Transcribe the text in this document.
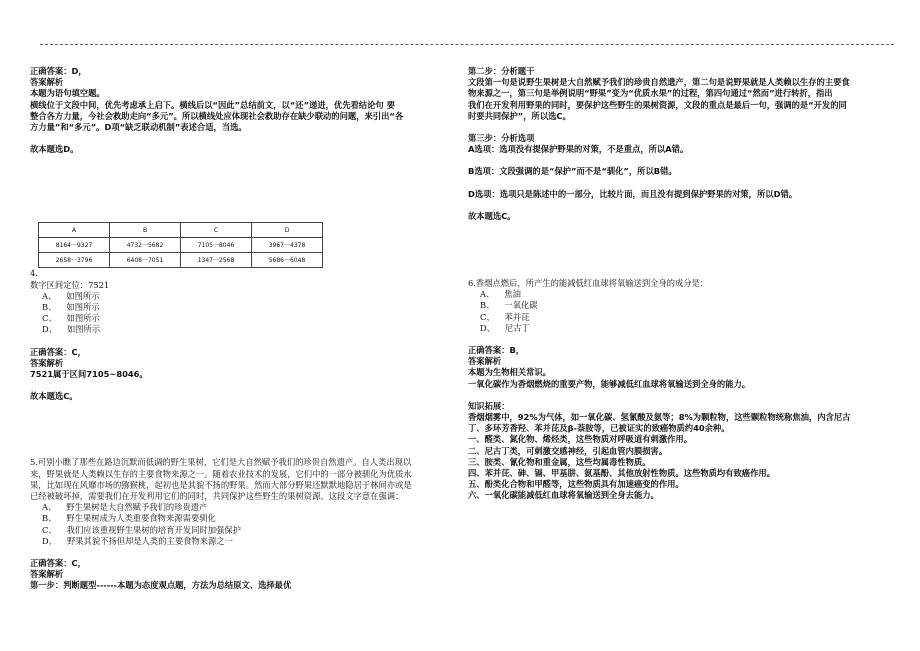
正确答案：D，
答案解析
本题为语句填空题。
横线位于文段中间，优先考虑承上启下。横线后以“因此”总结前文，以“还”递进，优先看结论句 要
整合各方力量，今社会救助走向“多元”。所以横线处应体现社会救助存在缺少联动的问题，来引出“各
方力量”和“多元”。D项“缺乏联动机制”表述合适，当选。
故本题选D。
A	B	C	D
8164一9327	4732一5682	7105一8046	3967一4378
2658一3796	6408一7051	1347一2568	5686一6048
4.
数字区间定位：7521
A、 如图所示
B、 如图所示
C、 如图所示
D、 如图所示
正确答案：C，
答案解析
7521属于区间7105~8046。
故本题选C。
5.可别小瞧了那些在路边沉默而低调的野生果树，它们是大自然赋予我们的珍贵自然遗产。自人类出现以
来，野果就是人类赖以生存的主要食物来源之一。随着农业技术的发展，它们中的一部分被驯化为优质水
果，比如现在风靡市场的猕猴桃，起初也是其貌不扬的野果。然而大部分野果还默默地隐居于林间亦或是
已经被破坏掉，需要我们在开发利用它们的同时，共同保护这些野生的果树资源。这段文字意在强调：
A、 野生果树是大自然赋予我们的珍贵遗产
B、 野生果树成为人类重要食物来源需要驯化
C、 我们应该重视野生果树的培育开发同时加强保护
D、 野果其貌不扬但却是人类的主要食物来源之一
正确答案：C，
答案解析
第一步：判断题型------本题为态度观点题，方法为总结原文、选择最优
第二步：分析题干
文段第一句是说野生果树是大自然赋予我们的珍贵自然遗产，第二句是说野果就是人类赖以生存的主要食
物来源之一，第三句是举例说明“野果”变为“优质水果”的过程，第四句通过“然而”进行转折，指出
我们在开发利用野果的同时，要保护这些野生的果树资源，文段的重点是最后一句，强调的是“开发的同
时要共同保护”，所以选C。
第三步：分析选项
A选项：选项没有提保护野果的对策，不是重点，所以A错。
B选项：文段强调的是“保护”而不是“驯化”，所以B错。
D选项：选项只是陈述中的一部分，比较片面，而且没有提到保护野果的对策，所以D错。
故本题选C。
6.香烟点燃后，所产生的能减低红血球将氧输送到全身的成分是：
A、 焦油
B、 一氧化碳
C、 苯并芘
D、 尼古丁
正确答案：B，
答案解析
本题为生物相关常识。
一氧化碳作为香烟燃烧的重要产物，能够减低红血球将氧输送到全身的能力。
知识拓展：
香烟烟雾中，92%为气体，如一氧化碳、氢氰酸及氨等；8%为颗粒物，这些颗粒物统称焦油，内含尼古
丁、多环芳香羟、苯并芘及β-萘胺等，已被证实的致癌物质约40余种。
一、醛类、氮化物、烯烃类，这些物质对呼吸道有刺激作用。
二、尼古丁类，可刺激交感神经，引起血管内膜损害。
三、胺类、氰化物和重金属，这些均属毒性物质。
四、苯并芘、砷、镉、甲基肼、氨基酚、其他放射性物质。这些物质均有致癌作用。
五、酚类化合物和甲醛等，这些物质具有加速癌变的作用。
六、一氧化碳能减低红血球将氧输送到全身去能力。
